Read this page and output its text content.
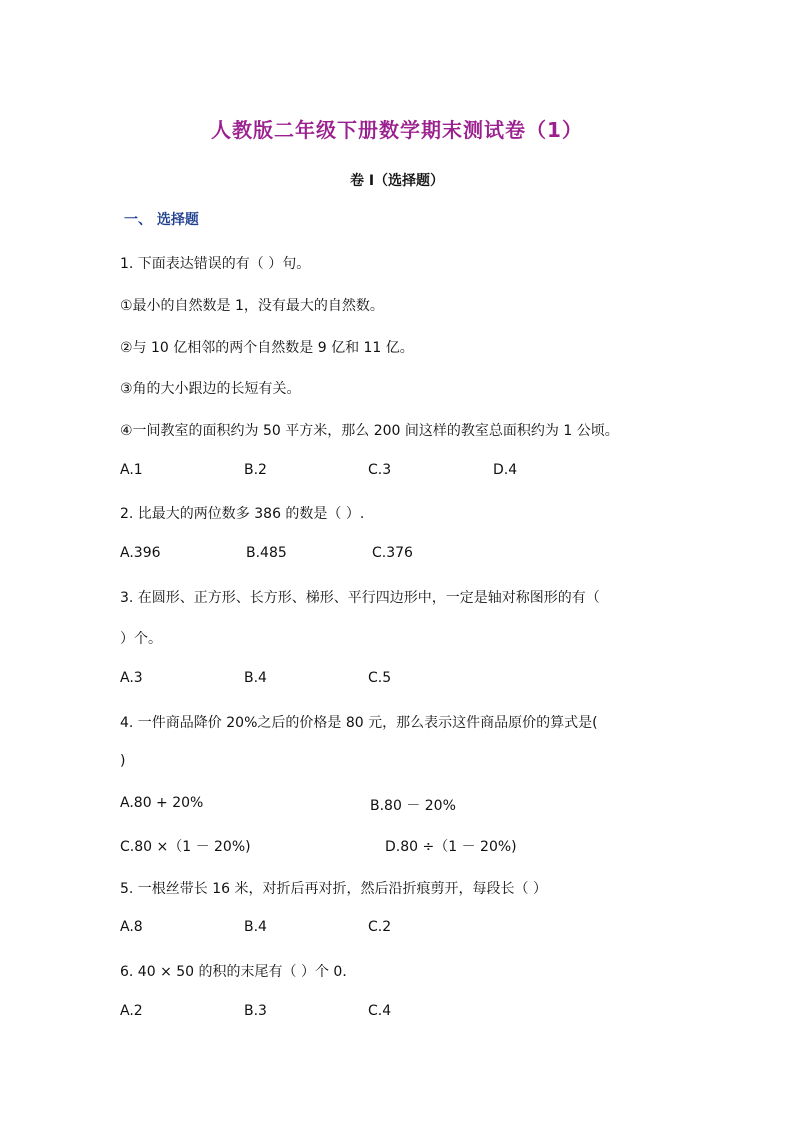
人教版二年级下册数学期末测试卷（1）
卷 I（选择题）
一、 选择题
1. 下面表达错误的有（ ）句。
①最小的自然数是 1，没有最大的自然数。
②与 10 亿相邻的两个自然数是 9 亿和 11 亿。
③角的大小跟边的长短有关。
④一间教室的面积约为 50 平方米，那么 200 间这样的教室总面积约为 1 公顷。
A.1	B.2	C.3	D.4
2. 比最大的两位数多 386 的数是（ ）.
A.396	B.485	C.376
3. 在圆形、正方形、长方形、梯形、平行四边形中，一定是轴对称图形的有（
）个。
A.3	B.4	C.5
4. 一件商品降价 20%之后的价格是 80 元，那么表示这件商品原价的算式是(
)
A.80 + 20%	B.80 － 20%
C.80 ×（1 － 20%)	D.80 ÷（1 － 20%)
5. 一根丝带长 16 米，对折后再对折，然后沿折痕剪开，每段长（ ）
A.8	B.4	C.2
6. 40 × 50 的积的末尾有（ ）个 0．
A.2	B.3	C.4
